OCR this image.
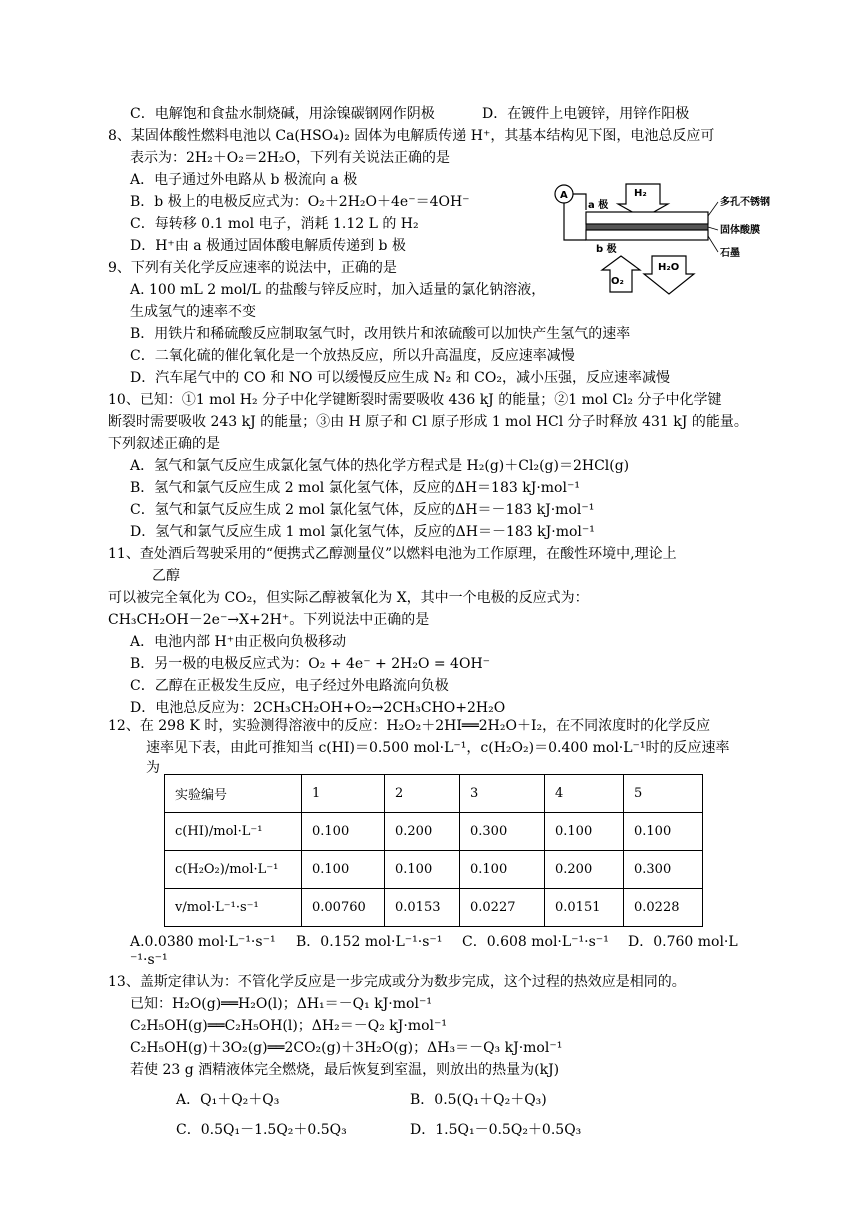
C．电解饱和食盐水制烧碱，用涂镍碳钢网作阴极	D．在镀件上电镀锌，用锌作阳极
8、某固体酸性燃料电池以 Ca(HSO₄)₂ 固体为电解质传递 H⁺，其基本结构见下图，电池总反应可
表示为：2H₂＋O₂＝2H₂O，下列有关说法正确的是
A．电子通过外电路从 b 极流向 a 极
B．b 极上的电极反应式为：O₂＋2H₂O＋4e⁻＝4OH⁻
C．每转移 0.1 mol 电子，消耗 1.12 L 的 H₂
D．H⁺由 a 极通过固体酸电解质传递到 b 极
A	H₂
a 极
b 极
O₂
H₂O
多孔不锈钢
固体酸膜
石墨
9、下列有关化学反应速率的说法中，正确的是
A. 100 mL 2 mol/L 的盐酸与锌反应时，加入适量的氯化钠溶液，
生成氢气的速率不变
B．用铁片和稀硫酸反应制取氢气时，改用铁片和浓硫酸可以加快产生氢气的速率
C．二氧化硫的催化氧化是一个放热反应，所以升高温度，反应速率减慢
D．汽车尾气中的 CO 和 NO 可以缓慢反应生成 N₂ 和 CO₂，减小压强，反应速率减慢
10、已知：①1 mol H₂ 分子中化学键断裂时需要吸收 436 kJ 的能量；②1 mol Cl₂ 分子中化学键
断裂时需要吸收 243 kJ 的能量；③由 H 原子和 Cl 原子形成 1 mol HCl 分子时释放 431 kJ 的能量。
下列叙述正确的是
A．氢气和氯气反应生成氯化氢气体的热化学方程式是 H₂(g)＋Cl₂(g)＝2HCl(g)
B．氢气和氯气反应生成 2 mol 氯化氢气体，反应的ΔH＝183 kJ·mol⁻¹
C．氢气和氯气反应生成 2 mol 氯化氢气体，反应的ΔH＝－183 kJ·mol⁻¹
D．氢气和氯气反应生成 1 mol 氯化氢气体，反应的ΔH＝－183 kJ·mol⁻¹
11、查处酒后驾驶采用的“便携式乙醇测量仪”以燃料电池为工作原理，在酸性环境中,理论上
乙醇
可以被完全氧化为 CO₂，但实际乙醇被氧化为 X，其中一个电极的反应式为：
CH₃CH₂OH－2e⁻→X+2H⁺。下列说法中正确的是
A．电池内部 H⁺由正极向负极移动
B．另一极的电极反应式为：O₂ + 4e⁻ + 2H₂O = 4OH⁻
C．乙醇在正极发生反应，电子经过外电路流向负极
D．电池总反应为：2CH₃CH₂OH+O₂→2CH₃CHO+2H₂O
12、在 298 K 时，实验测得溶液中的反应：H₂O₂＋2HI══2H₂O＋I₂，在不同浓度时的化学反应
速率见下表，由此可推知当 c(HI)＝0.500 mol·L⁻¹，c(H₂O₂)＝0.400 mol·L⁻¹时的反应速率
实验编号	1	2	3	4	5
c(HI)/mol·L⁻¹	0.100	0.200	0.300	0.100	0.100
c(H₂O₂)/mol·L⁻¹	0.100	0.100	0.100	0.200	0.300
v/mol·L⁻¹·s⁻¹	0.00760	0.0153	0.0227	0.0151	0.0228
A.0.0380 mol·L⁻¹·s⁻¹ B．0.152 mol·L⁻¹·s⁻¹ C．0.608 mol·L⁻¹·s⁻¹ D．0.760 mol·L
⁻¹·s⁻¹
13、盖斯定律认为：不管化学反应是一步完成或分为数步完成，这个过程的热效应是相同的。
已知：H₂O(g)══H₂O(l)；ΔH₁＝－Q₁ kJ·mol⁻¹
C₂H₅OH(g)══C₂H₅OH(l)；ΔH₂＝－Q₂ kJ·mol⁻¹
C₂H₅OH(g)＋3O₂(g)══2CO₂(g)＋3H₂O(g)；ΔH₃＝－Q₃ kJ·mol⁻¹
若使 23 g 酒精液体完全燃烧，最后恢复到室温，则放出的热量为(kJ)
A．Q₁＋Q₂＋Q₃	B．0.5(Q₁＋Q₂＋Q₃)
C．0.5Q₁－1.5Q₂＋0.5Q₃	D．1.5Q₁－0.5Q₂＋0.5Q₃
为
